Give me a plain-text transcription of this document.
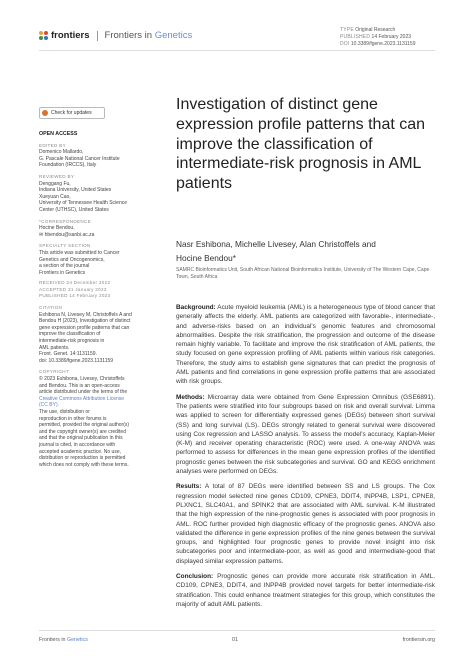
frontiers Frontiers in Genetics	TYPE Original Research
PUBLISHED 14 February 2023
DOI 10.3389/fgene.2023.1131159
Check for updates

OPEN ACCESS

EDITED BY

Domenico Mallardo,
G. Pascale National Cancer Institute
Foundation (IRCCS), Italy

REVIEWED BY

Denggang Fu,
Indiana University, United States
Xueyuan Cao,
University of Tennessee Health Science
Center (UTHSC), United States

*CORRESPONDENCE

Hocine Bendou,
✉ hbendou@sanbi.ac.za

SPECIALTY SECTION

This article was submitted to Cancer
Genetics and Oncogenomics,
a section of the journal
Frontiers in Genetics

RECEIVED 24 December 2022

ACCEPTED 31 January 2023

PUBLISHED 14 February 2023

CITATION

Eshibona N, Livesey M, Christoffels A and
Bendou H (2023), Investigation of distinct
gene expression profile patterns that can
improve the classification of
intermediate-risk prognosis in
AML patients.
Front. Genet. 14:1131159.
doi: 10.3389/fgene.2023.1131159

COPYRIGHT

© 2023 Eshibona, Livesey, Christoffels
and Bendou. This is an open-access
article distributed under the terms of the
Creative Commons Attribution License
(CC BY).
The use, distribution or
reproduction in other forums is
permitted, provided the original author(s)
and the copyright owner(s) are credited
and that the original publication in this
journal is cited, in accordance with
accepted academic practice. No use,
distribution or reproduction is permitted
which does not comply with these terms.
Investigation of distinct gene expression profile patterns that can improve the classification of intermediate-risk prognosis in AML patients
Nasr Eshibona, Michelle Livesey, Alan Christoffels and
Hocine Bendou*
SAMRC Bioinformatics Unit, South African National Bioinformatics Institute, University of The Western Cape, Cape Town, South Africa

Background: Acute myeloid leukemia (AML) is a heterogeneous type of blood cancer that generally affects the elderly. AML patients are categorized with favorable-, intermediate-, and adverse-risks based on an individual's genomic features and chromosomal abnormalities. Despite the risk stratification, the progression and outcome of the disease remain highly variable. To facilitate and improve the risk stratification of AML patients, the study focused on gene expression profiling of AML patients within various risk categories. Therefore, the study aims to establish gene signatures that can predict the prognosis of AML patients and find correlations in gene expression profile patterns that are associated with risk groups.

Methods: Microarray data were obtained from Gene Expression Omnibus (GSE6891). The patients were stratified into four subgroups based on risk and overall survival. Limma was applied to screen for differentially expressed genes (DEGs) between short survival (SS) and long survival (LS). DEGs strongly related to general survival were discovered using Cox regression and LASSO analysis. To assess the model's accuracy, Kaplan-Meier (K-M) and receiver operating characteristic (ROC) were used. A one-way ANOVA was performed to assess for differences in the mean gene expression profiles of the identified prognostic genes between the risk subcategories and survival. GO and KEGG enrichment analyses were performed on DEGs.

Results: A total of 87 DEGs were identified between SS and LS groups. The Cox regression model selected nine genes CD109, CPNE3, DDIT4, INPP4B, LSP1, CPNE8, PLXNC1, SLC40A1, and SPINK2 that are associated with AML survival. K-M illustrated that the high expression of the nine-prognostic genes is associated with poor prognosis in AML. ROC further provided high diagnostic efficacy of the prognostic genes. ANOVA also validated the difference in gene expression profiles of the nine genes between the survival groups, and highlighted four prognostic genes to provide novel insight into risk subcategories poor and intermediate-poor, as well as good and intermediate-good that displayed similar expression patterns.

Conclusion: Prognostic genes can provide more accurate risk stratification in AML. CD109, CPNE3, DDIT4, and INPP4B provided novel targets for better intermediate-risk stratification. This could enhance treatment strategies for this group, which constitutes the majority of adult AML patients.

Frontiers in Genetics	01	frontiersin.org
